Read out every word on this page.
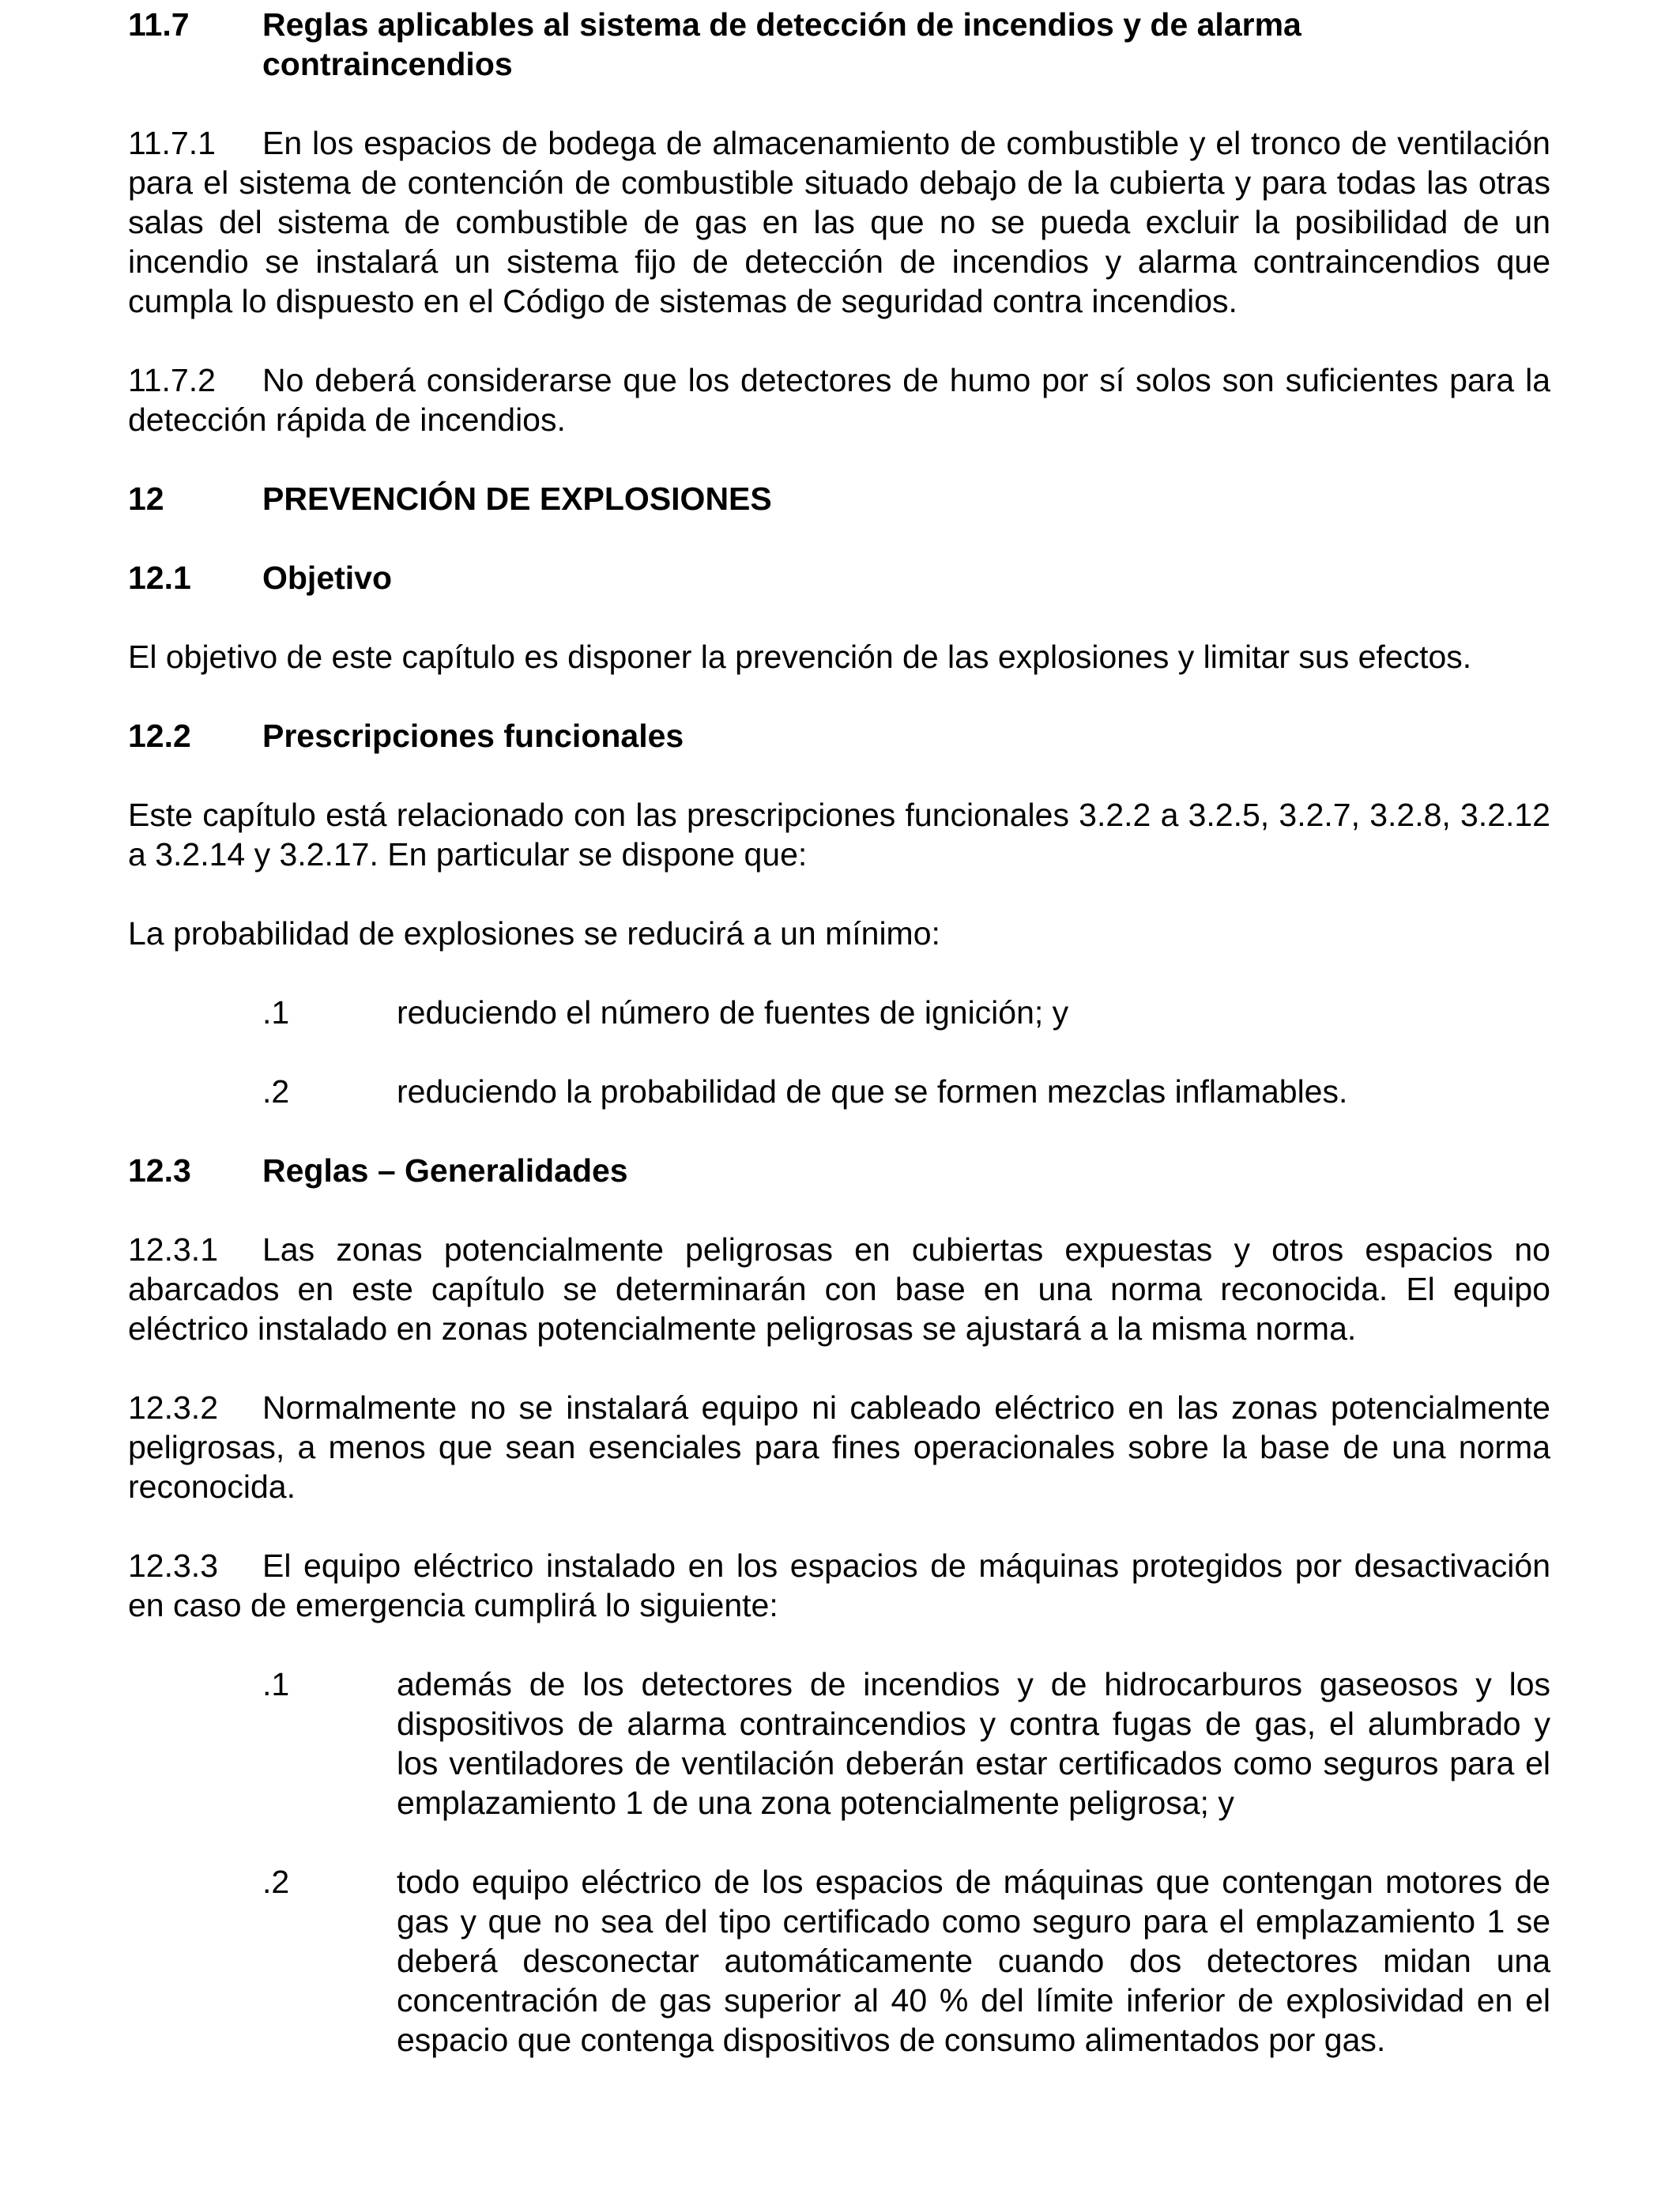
11.7	Reglas aplicables al sistema de detección de incendios y de alarma contraincendios

11.7.1 En los espacios de bodega de almacenamiento de combustible y el tronco de ventilación para el sistema de contención de combustible situado debajo de la cubierta y para todas las otras salas del sistema de combustible de gas en las que no se pueda excluir la posibilidad de un incendio se instalará un sistema fijo de detección de incendios y alarma contraincendios que cumpla lo dispuesto en el Código de sistemas de seguridad contra incendios.

11.7.2 No deberá considerarse que los detectores de humo por sí solos son suficientes para la detección rápida de incendios.

12	PREVENCIÓN DE EXPLOSIONES
12.1	Objetivo

El objetivo de este capítulo es disponer la prevención de las explosiones y limitar sus efectos.

12.2	Prescripciones funcionales

Este capítulo está relacionado con las prescripciones funcionales 3.2.2 a 3.2.5, 3.2.7, 3.2.8, 3.2.12 a 3.2.14 y 3.2.17. En particular se dispone que:

La probabilidad de explosiones se reducirá a un mínimo:

.1	reduciendo el número de fuentes de ignición; y
.2	reduciendo la probabilidad de que se formen mezclas inflamables.
12.3	Reglas – Generalidades

12.3.1 Las zonas potencialmente peligrosas en cubiertas expuestas y otros espacios no abarcados en este capítulo se determinarán con base en una norma reconocida. El equipo eléctrico instalado en zonas potencialmente peligrosas se ajustará a la misma norma.

12.3.2 Normalmente no se instalará equipo ni cableado eléctrico en las zonas potencialmente peligrosas, a menos que sean esenciales para fines operacionales sobre la base de una norma reconocida.

12.3.3 El equipo eléctrico instalado en los espacios de máquinas protegidos por desactivación en caso de emergencia cumplirá lo siguiente:

.1	además de los detectores de incendios y de hidrocarburos gaseosos y los dispositivos de alarma contraincendios y contra fugas de gas, el alumbrado y los ventiladores de ventilación deberán estar certificados como seguros para el emplazamiento 1 de una zona potencialmente peligrosa; y
.2	todo equipo eléctrico de los espacios de máquinas que contengan motores de gas y que no sea del tipo certificado como seguro para el emplazamiento 1 se deberá desconectar automáticamente cuando dos detectores midan una concentración de gas superior al 40 % del límite inferior de explosividad en el espacio que contenga dispositivos de consumo alimentados por gas.
